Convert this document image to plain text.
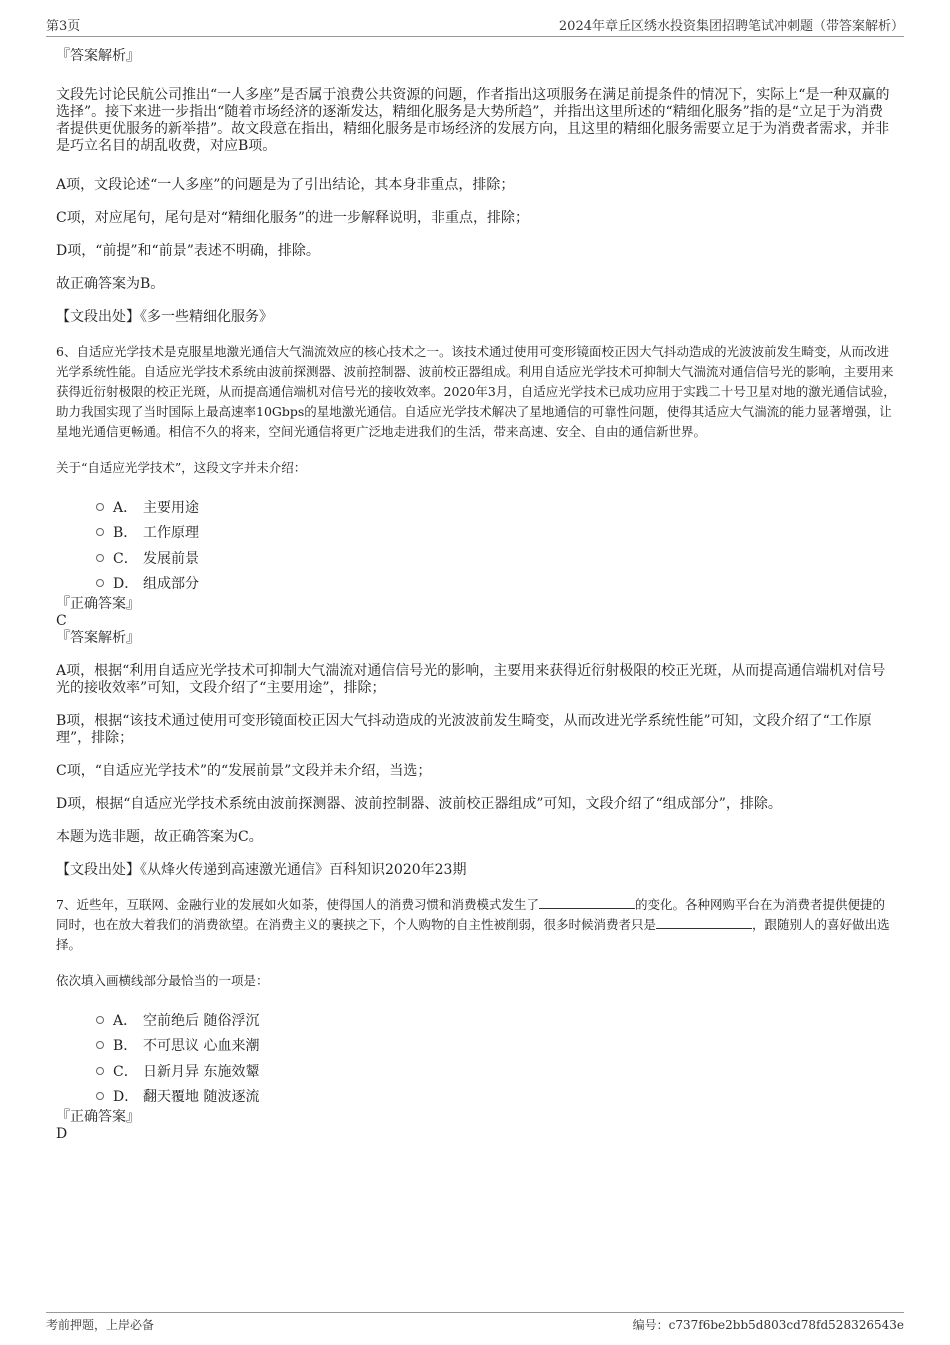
第3页	2024年章丘区绣水投资集团招聘笔试冲刺题（带答案解析）

『答案解析』

文段先讨论民航公司推出“一人多座”是否属于浪费公共资源的问题，作者指出这项服务在满足前提条件的情况下，实际上“是一种双赢的选择”。接下来进一步指出“随着市场经济的逐渐发达，精细化服务是大势所趋”，并指出这里所述的“精细化服务”指的是“立足于为消费者提供更优服务的新举措”。故文段意在指出，精细化服务是市场经济的发展方向，且这里的精细化服务需要立足于为消费者需求，并非是巧立名目的胡乱收费，对应B项。

A项，文段论述“一人多座”的问题是为了引出结论，其本身非重点，排除；

C项，对应尾句，尾句是对“精细化服务”的进一步解释说明，非重点，排除；

D项，“前提”和“前景”表述不明确，排除。

故正确答案为B。

【文段出处】《多一些精细化服务》

6、自适应光学技术是克服星地激光通信大气湍流效应的核心技术之一。该技术通过使用可变形镜面校正因大气抖动造成的光波波前发生畸变，从而改进光学系统性能。自适应光学技术系统由波前探测器、波前控制器、波前校正器组成。利用自适应光学技术可抑制大气湍流对通信信号光的影响，主要用来获得近衍射极限的校正光斑，从而提高通信端机对信号光的接收效率。2020年3月，自适应光学技术已成功应用于实践二十号卫星对地的激光通信试验，助力我国实现了当时国际上最高速率10Gbps的星地激光通信。自适应光学技术解决了星地通信的可靠性问题，使得其适应大气湍流的能力显著增强，让星地光通信更畅通。相信不久的将来，空间光通信将更广泛地走进我们的生活，带来高速、安全、自由的通信新世界。

关于“自适应光学技术”，这段文字并未介绍：

A． 主要用途
B． 工作原理
C． 发展前景
D． 组成部分

『正确答案』

C

『答案解析』

A项，根据“利用自适应光学技术可抑制大气湍流对通信信号光的影响，主要用来获得近衍射极限的校正光斑，从而提高通信端机对信号光的接收效率”可知，文段介绍了“主要用途”，排除；

B项，根据“该技术通过使用可变形镜面校正因大气抖动造成的光波波前发生畸变，从而改进光学系统性能”可知，文段介绍了“工作原理”，排除；

C项，“自适应光学技术”的“发展前景”文段并未介绍，当选；

D项，根据“自适应光学技术系统由波前探测器、波前控制器、波前校正器组成”可知，文段介绍了“组成部分”，排除。

本题为选非题，故正确答案为C。

【文段出处】《从烽火传递到高速激光通信》百科知识2020年23期

7、近些年，互联网、金融行业的发展如火如荼，使得国人的消费习惯和消费模式发生了	的变化。各种网购平台在为消费者提供便捷的同时，也在放大着我们的消费欲望。在消费主义的裹挟之下，个人购物的自主性被削弱，很多时候消费者只是	，跟随别人的喜好做出选择。

依次填入画横线部分最恰当的一项是：

A． 空前绝后 随俗浮沉
B． 不可思议 心血来潮
C． 日新月异 东施效颦
D． 翻天覆地 随波逐流

『正确答案』

D

考前押题，上岸必备	编号：c737f6be2bb5d803cd78fd528326543e
